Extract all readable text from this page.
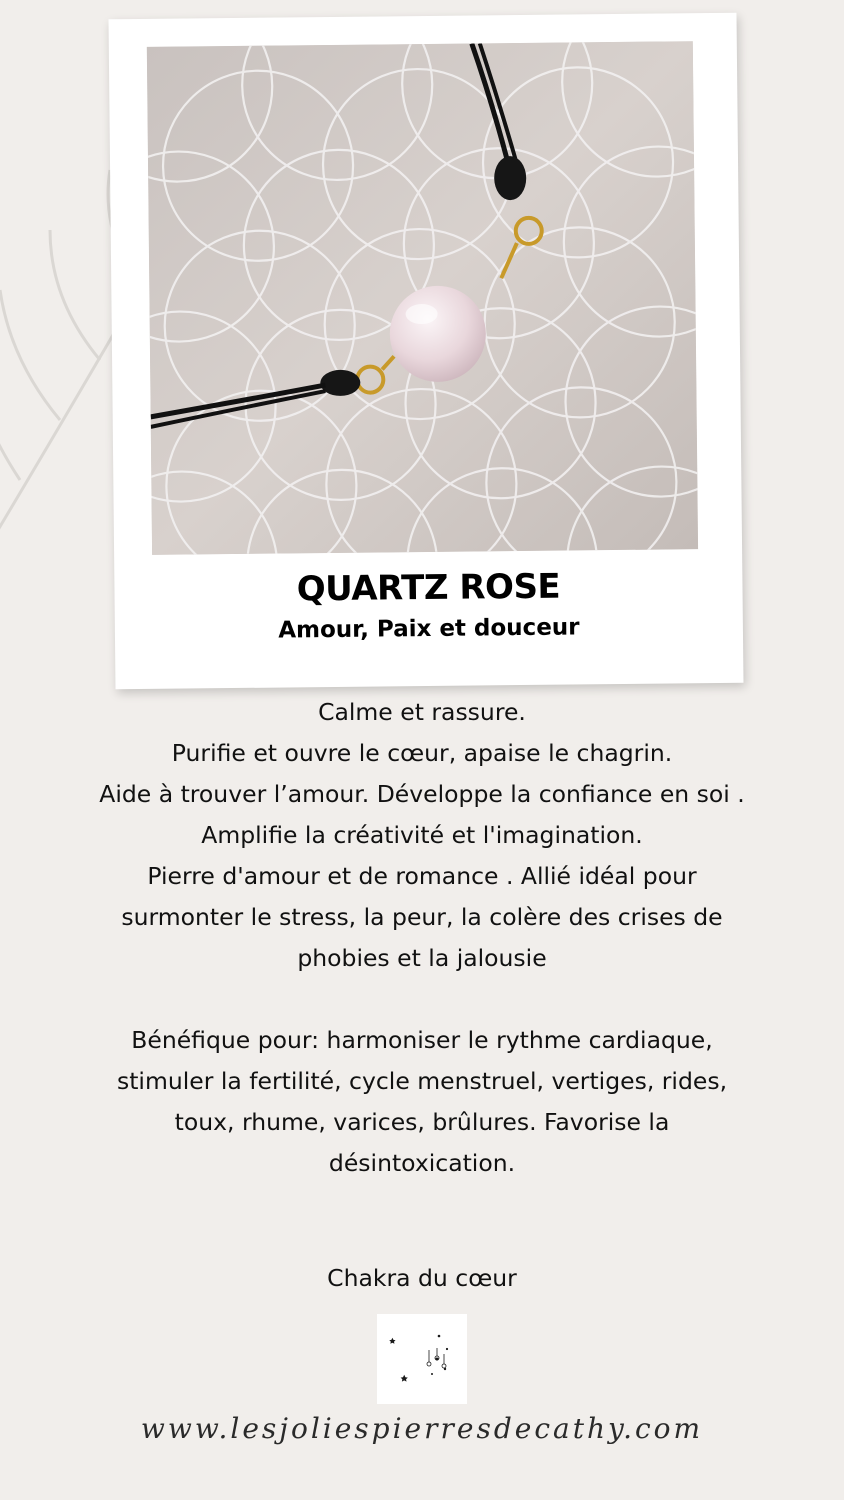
QUARTZ ROSE
Amour, Paix et douceur
Calme et rassure.
Purifie et ouvre le cœur, apaise le chagrin.
Aide à trouver l’amour. Développe la confiance en soi .
Amplifie la créativité et l'imagination.
Pierre d'amour et de romance . Allié idéal pour
surmonter le stress, la peur, la colère des crises de
phobies et la jalousie
Bénéfique pour: harmoniser le rythme cardiaque,
stimuler la fertilité, cycle menstruel, vertiges, rides,
toux, rhume, varices, brûlures. Favorise la
désintoxication.
Chakra du cœur
www.lesjoliespierresdecathy.com
